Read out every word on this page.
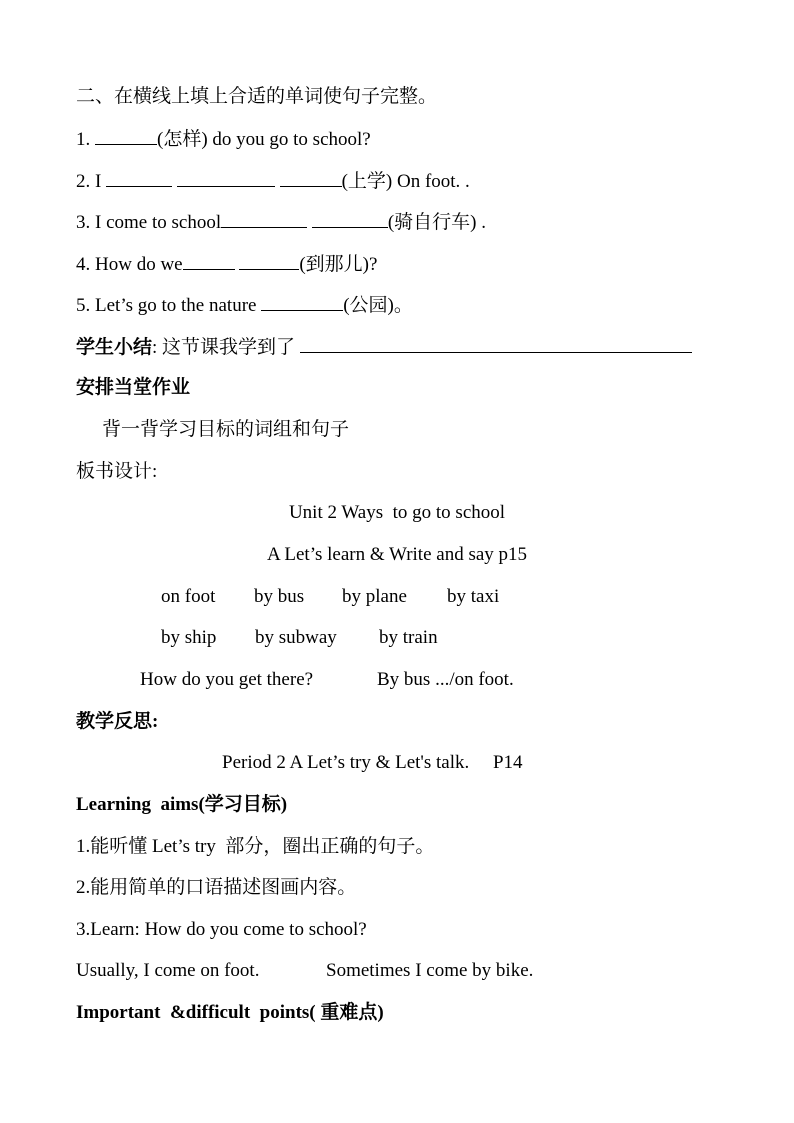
二、在横线上填上合适的单词使句子完整。
1.	(怎样) do you go to school?
2. I	(上学) On foot. .
3. I come to school	(骑自行车) .
4. How do we	(到那儿)?
5. Let’s go to the nature	(公园)。
学生小结: 这节课我学到了
安排当堂作业
背一背学习目标的词组和句子
板书设计:
Unit 2 Ways  to go to school
A Let’s learn & Write and say p15
on foot by bus by plane by taxi
by ship by subway by train
How do you get there?	By bus .../on foot.
教学反思:
Period 2 A Let’s try & Let's talk.     P14
Learning  aims(学习目标)
1.能听懂 Let’s try  部分，圈出正确的句子。
2.能用简单的口语描述图画内容。
3.Learn: How do you come to school?
Usually, I come on foot.	Sometimes I come by bike.
Important  &difficult  points( 重难点)
